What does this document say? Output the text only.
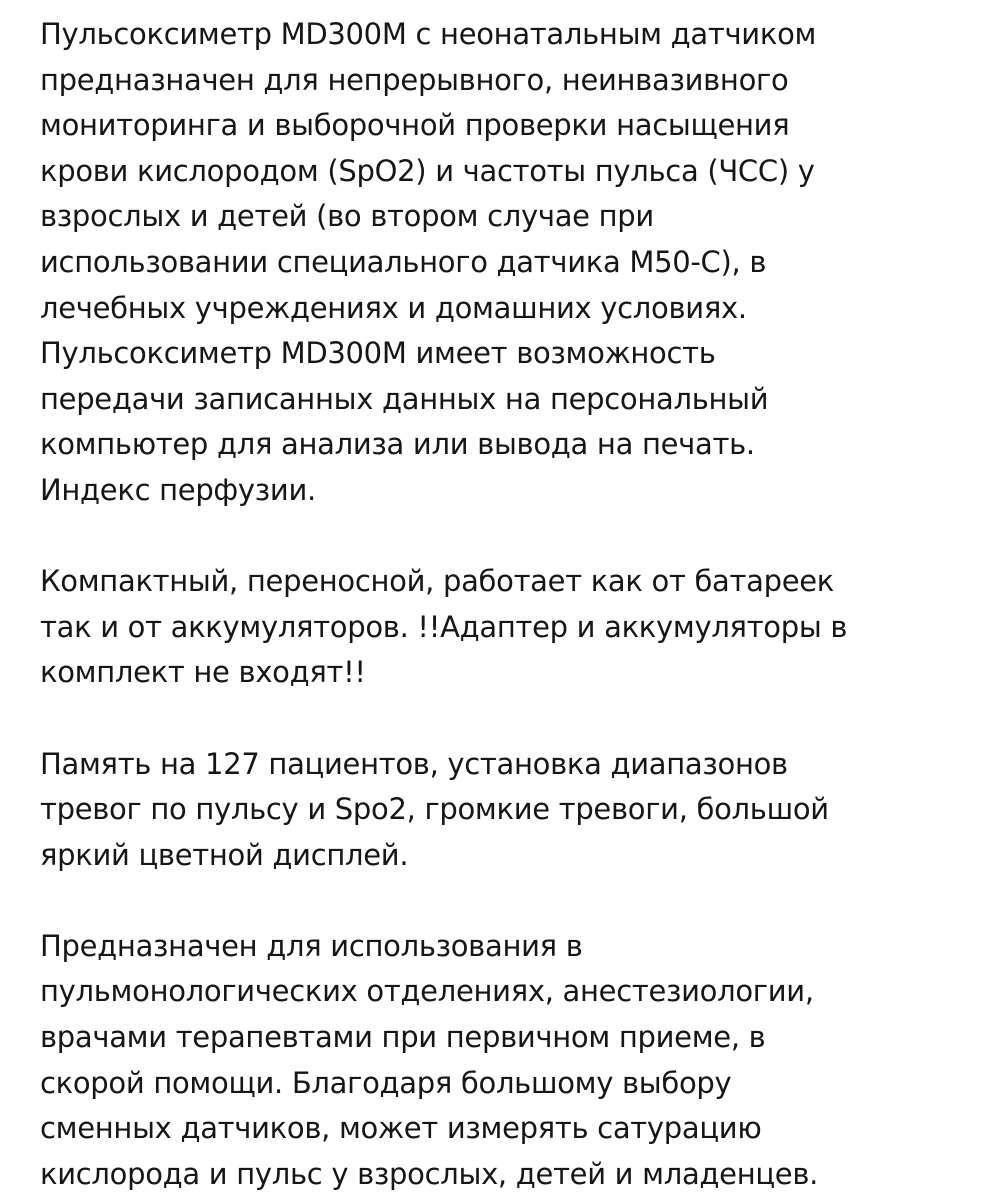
Пульсоксиметр MD300M с неонатальным датчиком
предназначен для непрерывного, неинвазивного
мониторинга и выборочной проверки насыщения
крови кислородом (SpO2) и частоты пульса (ЧСС) у
взрослых и детей (во втором случае при
использовании специального датчика M50-C), в
лечебных учреждениях и домашних условиях.
Пульсоксиметр MD300M имеет возможность
передачи записанных данных на персональный
компьютер для анализа или вывода на печать.
Индекс перфузии.

Компактный, переносной, работает как от батареек
так и от аккумуляторов. !!Адаптер и аккумуляторы в
комплект не входят!!

Память на 127 пациентов, установка диапазонов
тревог по пульсу и Spo2, громкие тревоги, большой
яркий цветной дисплей.

Предназначен для использования в
пульмонологических отделениях, анестезиологии,
врачами терапевтами при первичном приеме, в
скорой помощи. Благодаря большому выбору
сменных датчиков, может измерять сатурацию
кислорода и пульс у взрослых, детей и младенцев.
